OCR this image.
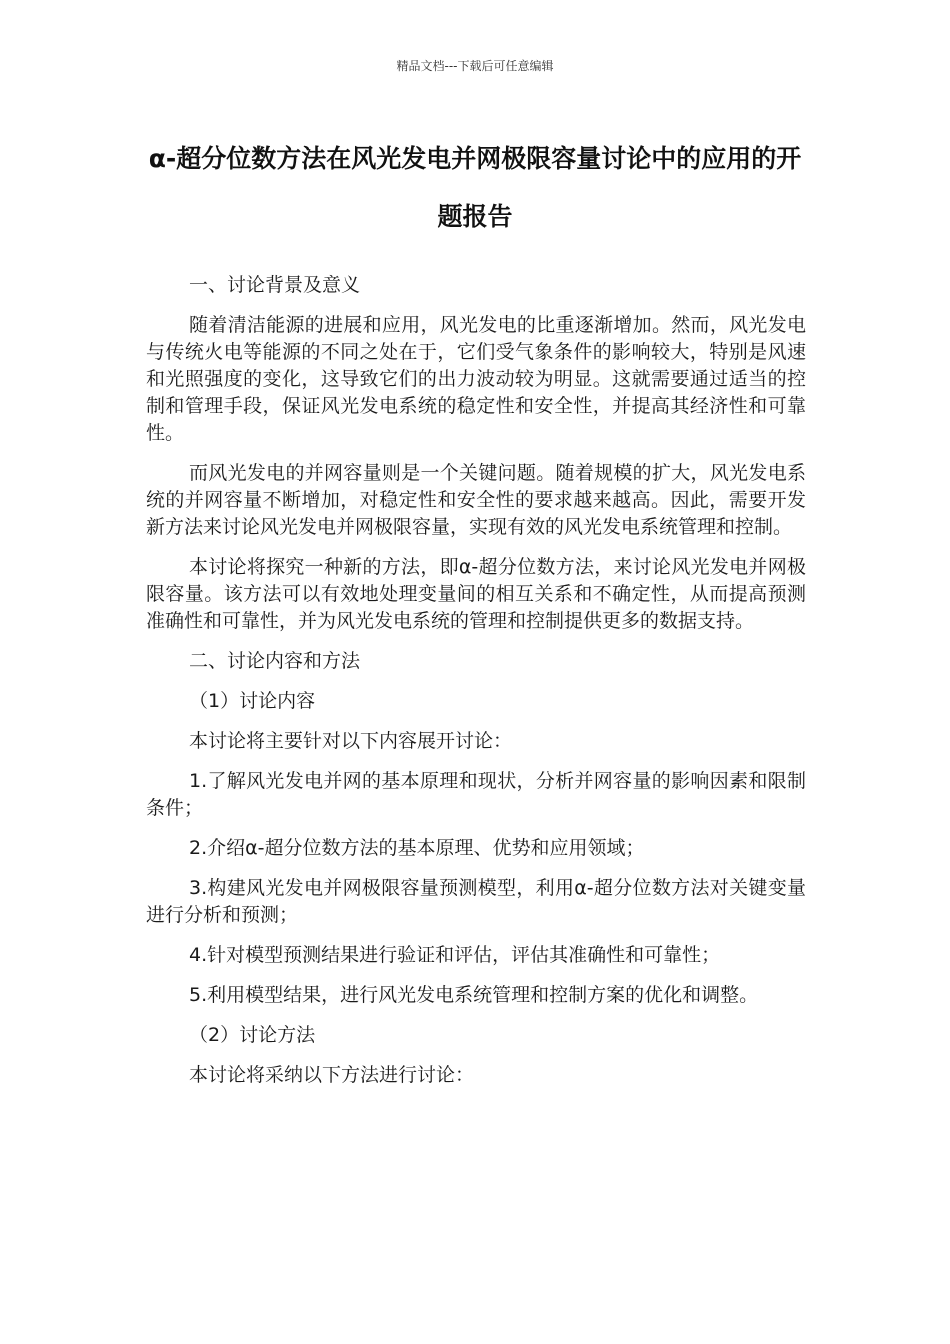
精品文档---下载后可任意编辑
α-超分位数方法在风光发电并网极限容量讨论中的应用的开题报告

一、讨论背景及意义

随着清洁能源的进展和应用，风光发电的比重逐渐增加。然而，风光发电与传统火电等能源的不同之处在于，它们受气象条件的影响较大，特别是风速和光照强度的变化，这导致它们的出力波动较为明显。这就需要通过适当的控制和管理手段，保证风光发电系统的稳定性和安全性，并提高其经济性和可靠性。

而风光发电的并网容量则是一个关键问题。随着规模的扩大，风光发电系统的并网容量不断增加，对稳定性和安全性的要求越来越高。因此，需要开发新方法来讨论风光发电并网极限容量，实现有效的风光发电系统管理和控制。

本讨论将探究一种新的方法，即α-超分位数方法，来讨论风光发电并网极限容量。该方法可以有效地处理变量间的相互关系和不确定性，从而提高预测准确性和可靠性，并为风光发电系统的管理和控制提供更多的数据支持。

二、讨论内容和方法

（1）讨论内容

本讨论将主要针对以下内容展开讨论：

1.了解风光发电并网的基本原理和现状，分析并网容量的影响因素和限制条件；

2.介绍α-超分位数方法的基本原理、优势和应用领域；

3.构建风光发电并网极限容量预测模型，利用α-超分位数方法对关键变量进行分析和预测；

4.针对模型预测结果进行验证和评估，评估其准确性和可靠性；

5.利用模型结果，进行风光发电系统管理和控制方案的优化和调整。

（2）讨论方法

本讨论将采纳以下方法进行讨论：
